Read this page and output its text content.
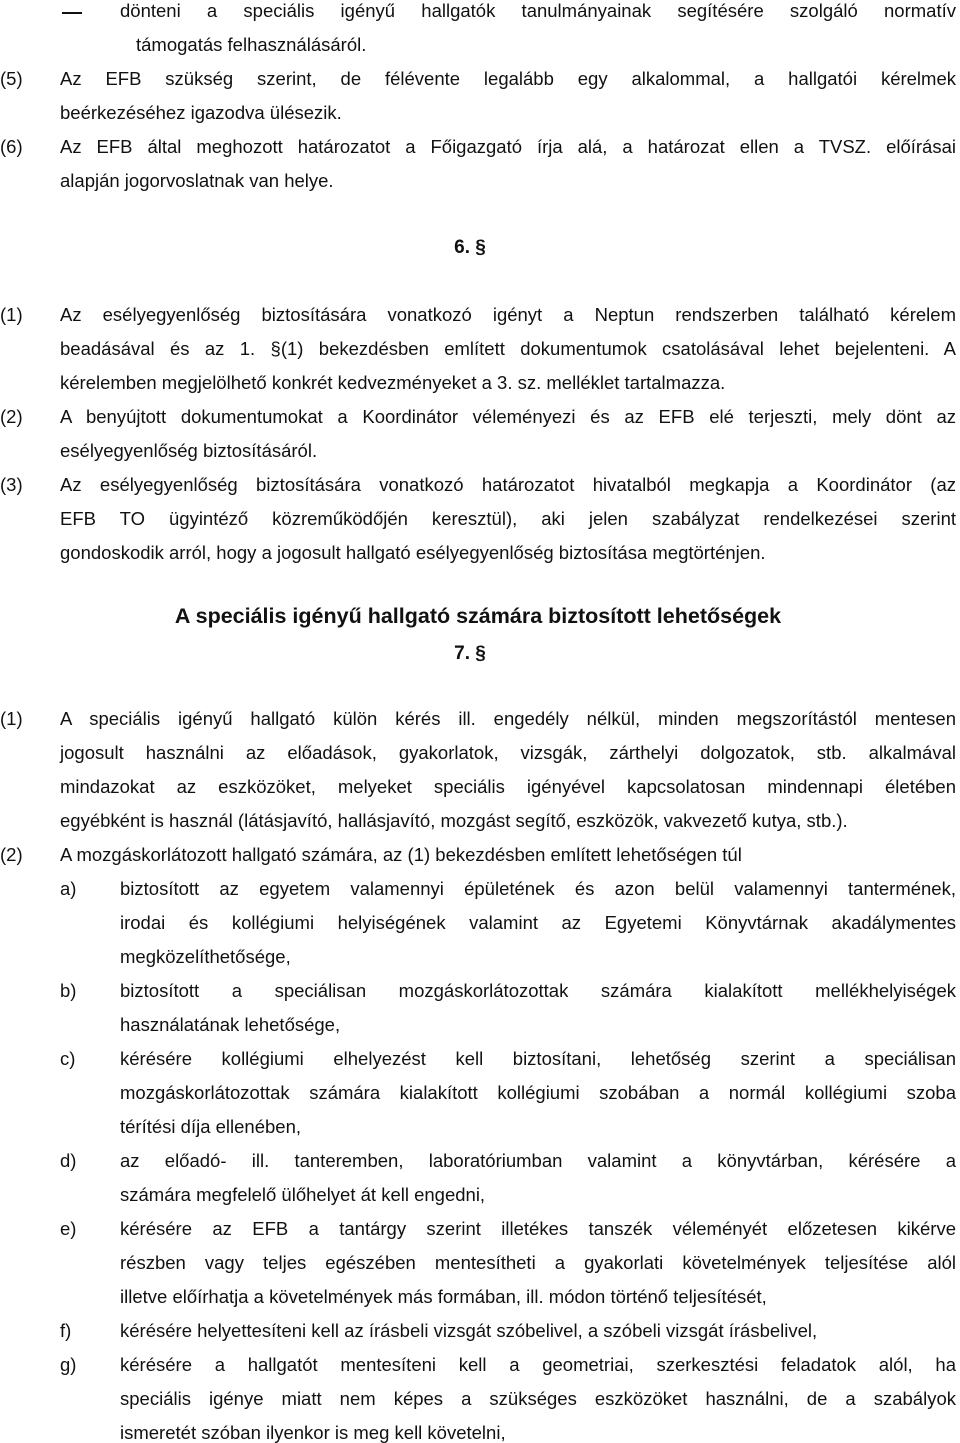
dönteni a speciális igényű hallgatók tanulmányainak segítésére szolgáló normatív
támogatás felhasználásáról.
(5) Az EFB szükség szerint, de félévente legalább egy alkalommal, a hallgatói kérelmek
beérkezéséhez igazodva ülésezik.
(6) Az EFB által meghozott határozatot a Főigazgató írja alá, a határozat ellen a TVSZ. előírásai
alapján jogorvoslatnak van helye.
6. §
(1) Az esélyegyenlőség biztosítására vonatkozó igényt a Neptun rendszerben található kérelem
beadásával és az 1. §(1) bekezdésben említett dokumentumok csatolásával lehet bejelenteni. A
kérelemben megjelölhető konkrét kedvezményeket a 3. sz. melléklet tartalmazza.
(2) A benyújtott dokumentumokat a Koordinátor véleményezi és az EFB elé terjeszti, mely dönt az
esélyegyenlőség biztosításáról.
(3) Az esélyegyenlőség biztosítására vonatkozó határozatot hivatalból megkapja a Koordinátor (az
EFB TO ügyintéző közreműködőjén keresztül), aki jelen szabályzat rendelkezései szerint
gondoskodik arról, hogy a jogosult hallgató esélyegyenlőség biztosítása megtörténjen.
A speciális igényű hallgató számára biztosított lehetőségek
7. §
(1) A speciális igényű hallgató külön kérés ill. engedély nélkül, minden megszorítástól mentesen
jogosult használni az előadások, gyakorlatok, vizsgák, zárthelyi dolgozatok, stb. alkalmával
mindazokat az eszközöket, melyeket speciális igényével kapcsolatosan mindennapi életében
egyébként is használ (látásjavító, hallásjavító, mozgást segítő, eszközök, vakvezető kutya, stb.).
(2) A mozgáskorlátozott hallgató számára, az (1) bekezdésben említett lehetőségen túl
a) biztosított az egyetem valamennyi épületének és azon belül valamennyi tantermének,
irodai és kollégiumi helyiségének valamint az Egyetemi Könyvtárnak akadálymentes
megközelíthetősége,
b) biztosított a speciálisan mozgáskorlátozottak számára kialakított mellékhelyiségek
használatának lehetősége,
c) kérésére kollégiumi elhelyezést kell biztosítani, lehetőség szerint a speciálisan
mozgáskorlátozottak számára kialakított kollégiumi szobában a normál kollégiumi szoba
térítési díja ellenében,
d) az előadó- ill. tanteremben, laboratóriumban valamint a könyvtárban, kérésére a
számára megfelelő ülőhelyet át kell engedni,
e) kérésére az EFB a tantárgy szerint illetékes tanszék véleményét előzetesen kikérve
részben vagy teljes egészében mentesítheti a gyakorlati követelmények teljesítése alól
illetve előírhatja a követelmények más formában, ill. módon történő teljesítését,
f)	kérésére helyettesíteni kell az írásbeli vizsgát szóbelivel, a szóbeli vizsgát írásbelivel,
g) kérésére a hallgatót mentesíteni kell a geometriai, szerkesztési feladatok alól, ha
speciális igénye miatt nem képes a szükséges eszközöket használni, de a szabályok
ismeretét szóban ilyenkor is meg kell követelni,
